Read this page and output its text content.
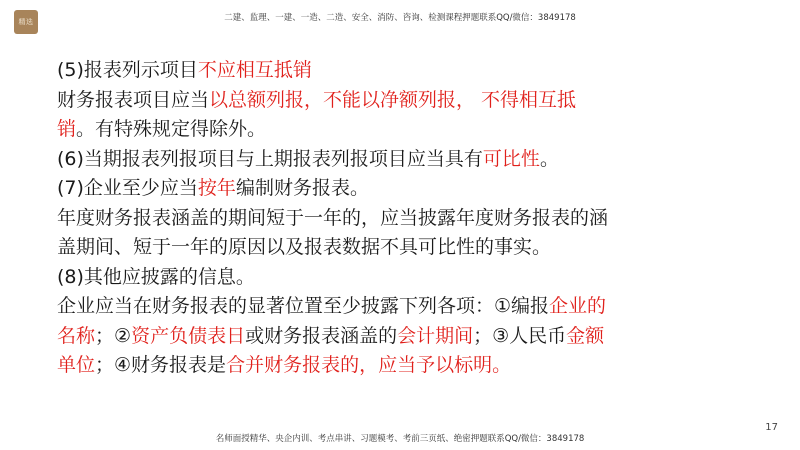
精选	二建、监理、一建、一造、二造、安全、消防、咨询、检测课程押题联系QQ/微信：3849178

(5)报表列示项目不应相互抵销

财务报表项目应当以总额列报，不能以净额列报， 不得相互抵

销。有特殊规定得除外。

(6)当期报表列报项目与上期报表列报项目应当具有可比性。

(7)企业至少应当按年编制财务报表。

年度财务报表涵盖的期间短于一年的，应当披露年度财务报表的涵

盖期间、短于一年的原因以及报表数据不具可比性的事实。

(8)其他应披露的信息。

企业应当在财务报表的显著位置至少披露下列各项：①编报企业的

名称；②资产负债表日或财务报表涵盖的会计期间；③人民币金额

单位；④财务报表是合并财务报表的，应当予以标明。

17
名师面授精华、央企内训、考点串讲、习题模考、考前三页纸、绝密押题联系QQ/微信：3849178
